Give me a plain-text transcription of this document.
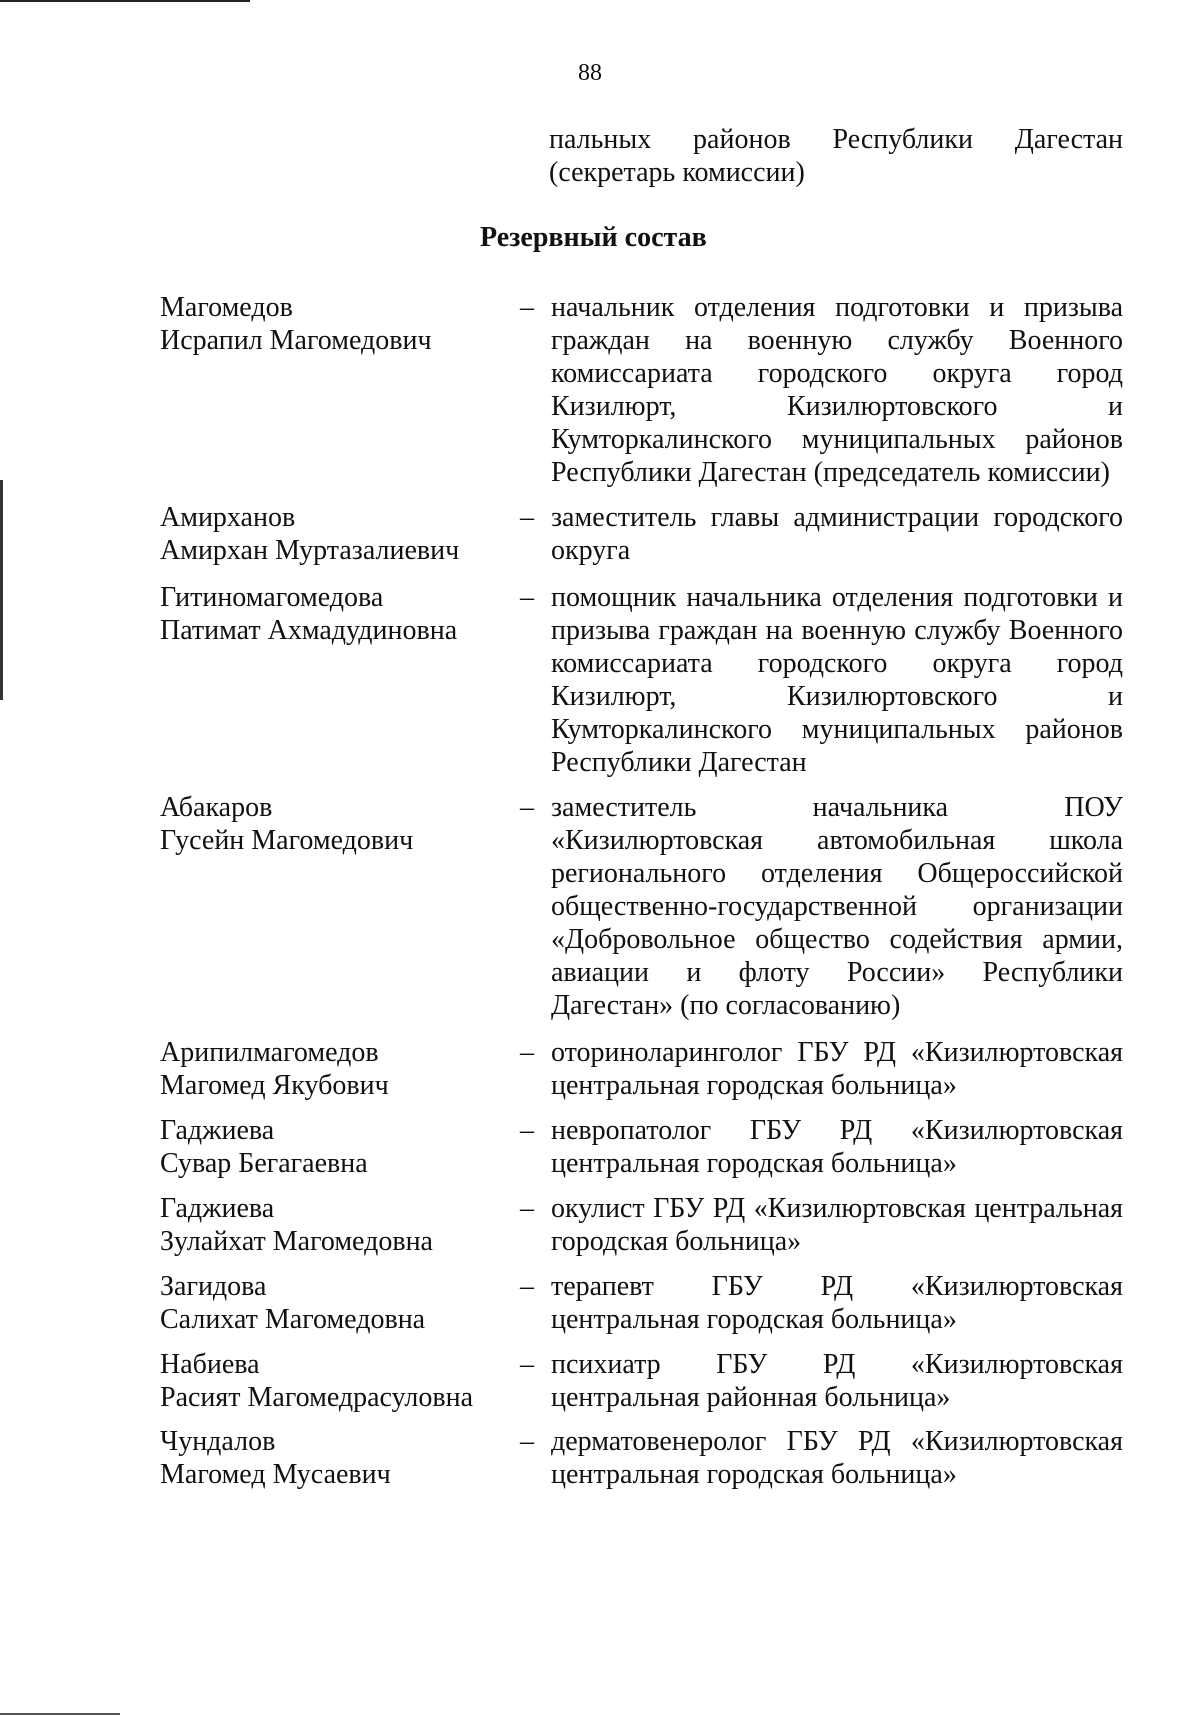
88
пальных районов Республики Дагестан (секретарь комиссии)
Резервный состав
Магомедов
Исрапил Магомедович
– начальник отделения подготовки и призыва граждан на военную службу Военного комиссариата городского округа город Кизилюрт, Кизилюртовского и Кумторкалинского муниципальных районов Республики Дагестан (председатель комиссии)
Амирханов
Амирхан Муртазалиевич
– заместитель главы администрации городского округа
Гитиномагомедова
Патимат Ахмадудиновна
– помощник начальника отделения подготовки и призыва граждан на военную службу Военного комиссариата городского округа город Кизилюрт, Кизилюртовского и Кумторкалинского муниципальных районов Республики Дагестан
Абакаров
Гусейн Магомедович
– заместитель начальника ПОУ «Кизилюртовская автомобильная школа регионального отделения Общероссийской общественно-государственной организации «Добровольное общество содействия армии, авиации и флоту России» Республики Дагестан» (по согласованию)
Арипилмагомедов
Магомед Якубович
– оториноларинголог ГБУ РД «Кизилюртовская центральная городская больница»
Гаджиева
Сувар Бегагаевна
– невропатолог ГБУ РД «Кизилюртовская центральная городская больница»
Гаджиева
Зулайхат Магомедовна
– окулист ГБУ РД «Кизилюртовская центральная городская больница»
Загидова
Салихат Магомедовна
– терапевт ГБУ РД «Кизилюртовская центральная городская больница»
Набиева
Расият Магомедрасуловна
– психиатр ГБУ РД «Кизилюртовская центральная районная больница»
Чундалов
Магомед Мусаевич
– дерматовенеролог ГБУ РД «Кизилюртовская центральная городская больница»
